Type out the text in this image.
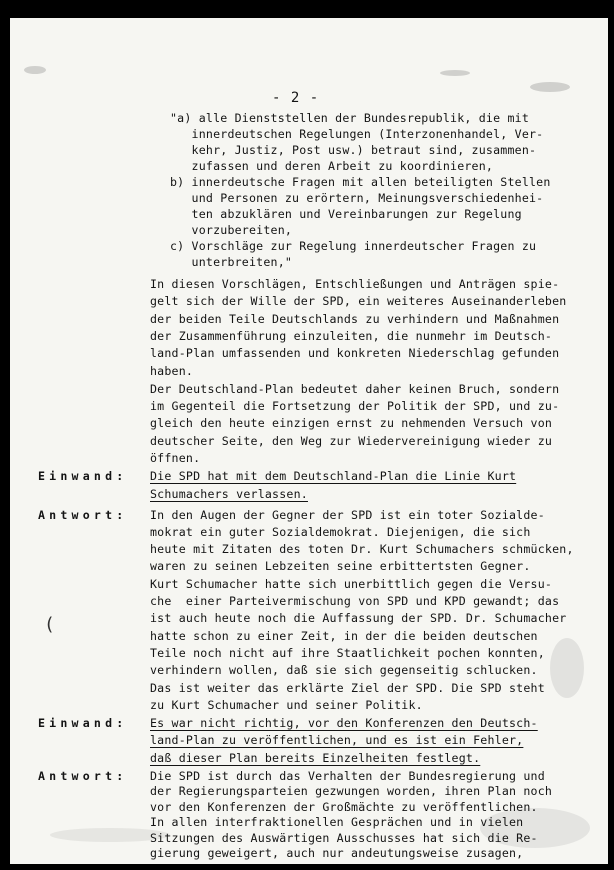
- 2 -
(
"a) alle Dienststellen der Bundesrepublik, die mit
innerdeutschen Regelungen (Interzonenhandel, Ver-
kehr, Justiz, Post usw.) betraut sind, zusammen-
zufassen und deren Arbeit zu koordinieren,
b) innerdeutsche Fragen mit allen beteiligten Stellen
und Personen zu erörtern, Meinungsverschiedenhei-
ten abzuklären und Vereinbarungen zur Regelung
vorzubereiten,
c) Vorschläge zur Regelung innerdeutscher Fragen zu
unterbreiten,"
In diesen Vorschlägen, Entschließungen und Anträgen spie-
gelt sich der Wille der SPD, ein weiteres Auseinanderleben
der beiden Teile Deutschlands zu verhindern und Maßnahmen
der Zusammenführung einzuleiten, die nunmehr im Deutsch-
land-Plan umfassenden und konkreten Niederschlag gefunden
haben.
Der Deutschland-Plan bedeutet daher keinen Bruch, sondern
im Gegenteil die Fortsetzung der Politik der SPD, und zu-
gleich den heute einzigen ernst zu nehmenden Versuch von
deutscher Seite, den Weg zur Wiedervereinigung wieder zu
öffnen.
Einwand: Die SPD hat mit dem Deutschland-Plan die Linie Kurt
Schumachers verlassen.
Antwort: In den Augen der Gegner der SPD ist ein toter Sozialde-
mokrat ein guter Sozialdemokrat. Diejenigen, die sich
heute mit Zitaten des toten Dr. Kurt Schumachers schmücken,
waren zu seinen Lebzeiten seine erbittertsten Gegner.
Kurt Schumacher hatte sich unerbittlich gegen die Versu-
che  einer Parteivermischung von SPD und KPD gewandt; das
ist auch heute noch die Auffassung der SPD. Dr. Schumacher
hatte schon zu einer Zeit, in der die beiden deutschen
Teile noch nicht auf ihre Staatlichkeit pochen konnten,
verhindern wollen, daß sie sich gegenseitig schlucken.
Das ist weiter das erklärte Ziel der SPD. Die SPD steht
zu Kurt Schumacher und seiner Politik.
Einwand: Es war nicht richtig, vor den Konferenzen den Deutsch-
land-Plan zu veröffentlichen, und es ist ein Fehler,
daß dieser Plan bereits Einzelheiten festlegt.
Antwort: Die SPD ist durch das Verhalten der Bundesregierung und
der Regierungsparteien gezwungen worden, ihren Plan noch
vor den Konferenzen der Großmächte zu veröffentlichen.
In allen interfraktionellen Gesprächen und in vielen
Sitzungen des Auswärtigen Ausschusses hat sich die Re-
gierung geweigert, auch nur andeutungsweise zusagen,
